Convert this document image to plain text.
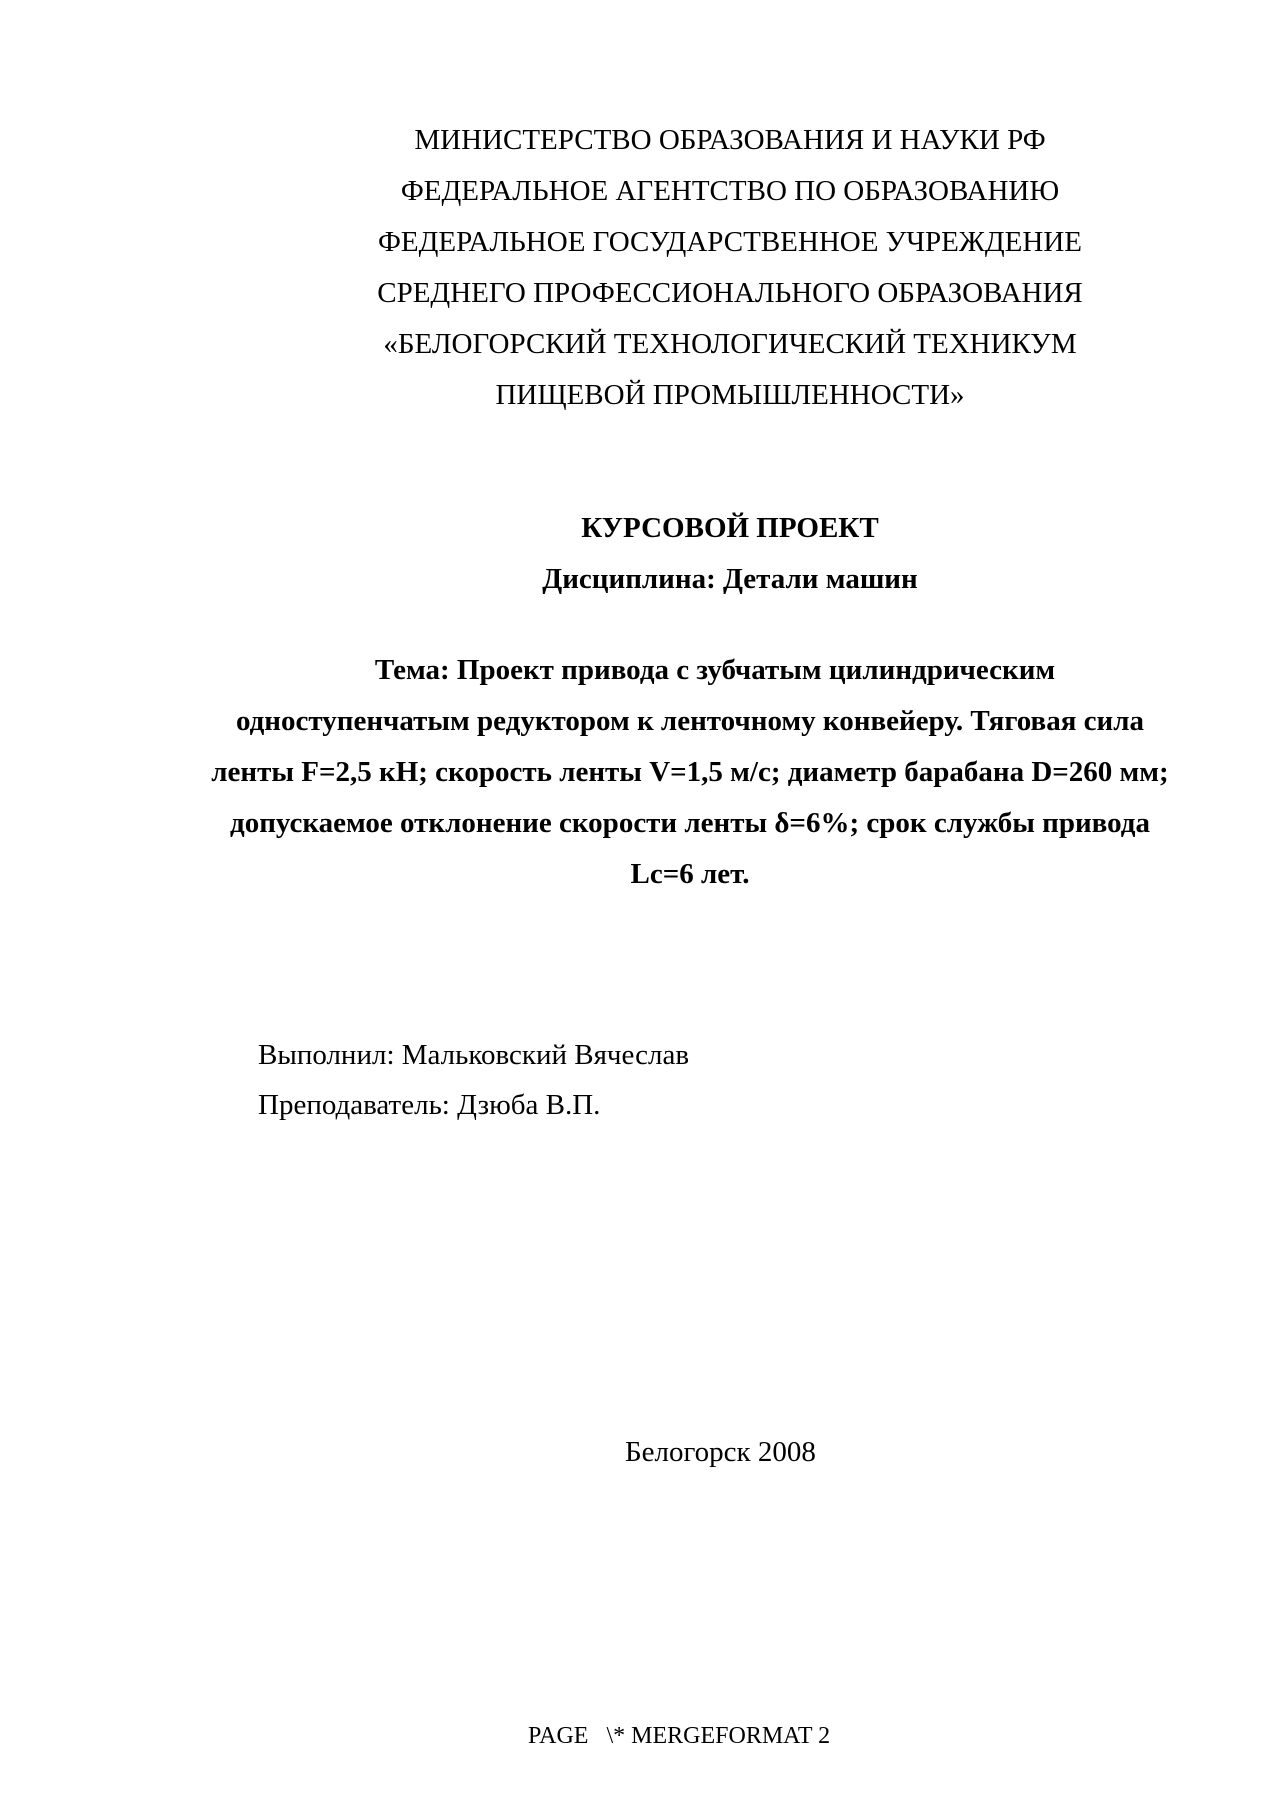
МИНИСТЕРСТВО ОБРАЗОВАНИЯ И НАУКИ РФ
ФЕДЕРАЛЬНОЕ АГЕНТСТВО ПО ОБРАЗОВАНИЮ
ФЕДЕРАЛЬНОЕ ГОСУДАРСТВЕННОЕ УЧРЕЖДЕНИЕ
СРЕДНЕГО ПРОФЕССИОНАЛЬНОГО ОБРАЗОВАНИЯ
«БЕЛОГОРСКИЙ ТЕХНОЛОГИЧЕСКИЙ ТЕХНИКУМ
ПИЩЕВОЙ ПРОМЫШЛЕННОСТИ»
КУРСОВОЙ ПРОЕКТ
Дисциплина: Детали машин
Тема: Проект привода с зубчатым цилиндрическим
одноступенчатым редуктором к ленточному конвейеру. Тяговая сила
ленты F=2,5 кН; скорость ленты V=1,5 м/с; диаметр барабана D=260 мм;
допускаемое отклонение скорости ленты δ=6%; срок службы привода
Lс=6 лет.
Выполнил: Мальковский Вячеслав
Преподаватель: Дзюба В.П.
Белогорск 2008
PAGE   \* MERGEFORMAT 2
